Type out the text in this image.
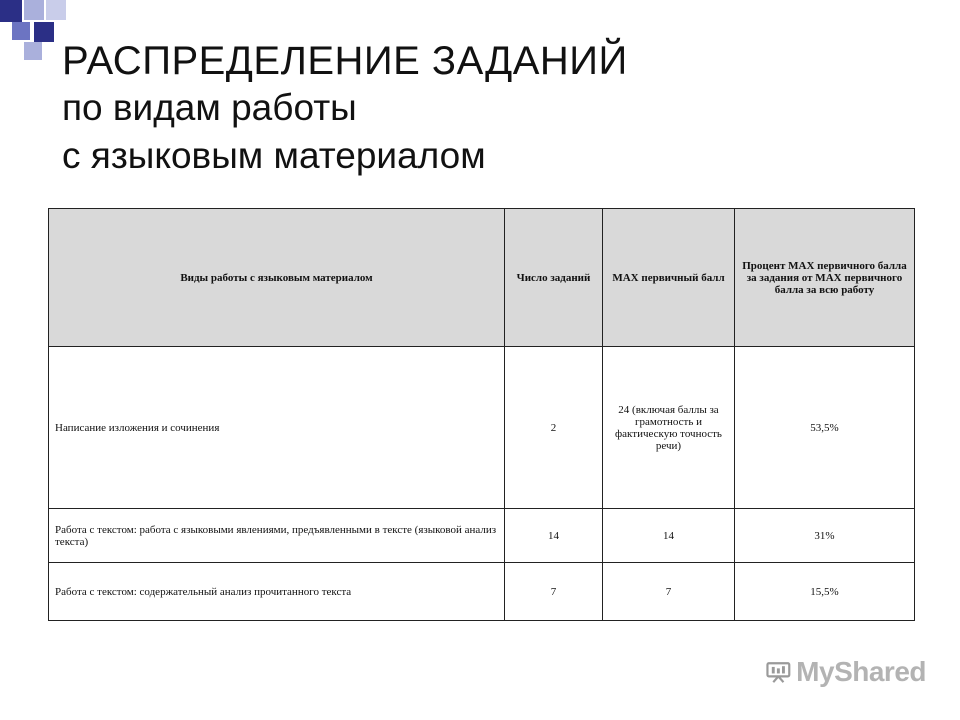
РАСПРЕДЕЛЕНИЕ ЗАДАНИЙ
по видам работы
с языковым материалом
Виды работы с языковым материалом	Число заданий	MAX первичный балл	Процент MAX первичного балла за задания от MAX первичного балла за всю работу
Написание изложения и сочинения	2	24 (включая баллы за грамотность и фактическую точность речи)	53,5%
Работа с текстом: работа с языковыми явлениями, предъявленными в тексте (языковой анализ текста)	14	14	31%
Работа с текстом: содержательный анализ прочитанного текста	7	7	15,5%
MyShared
